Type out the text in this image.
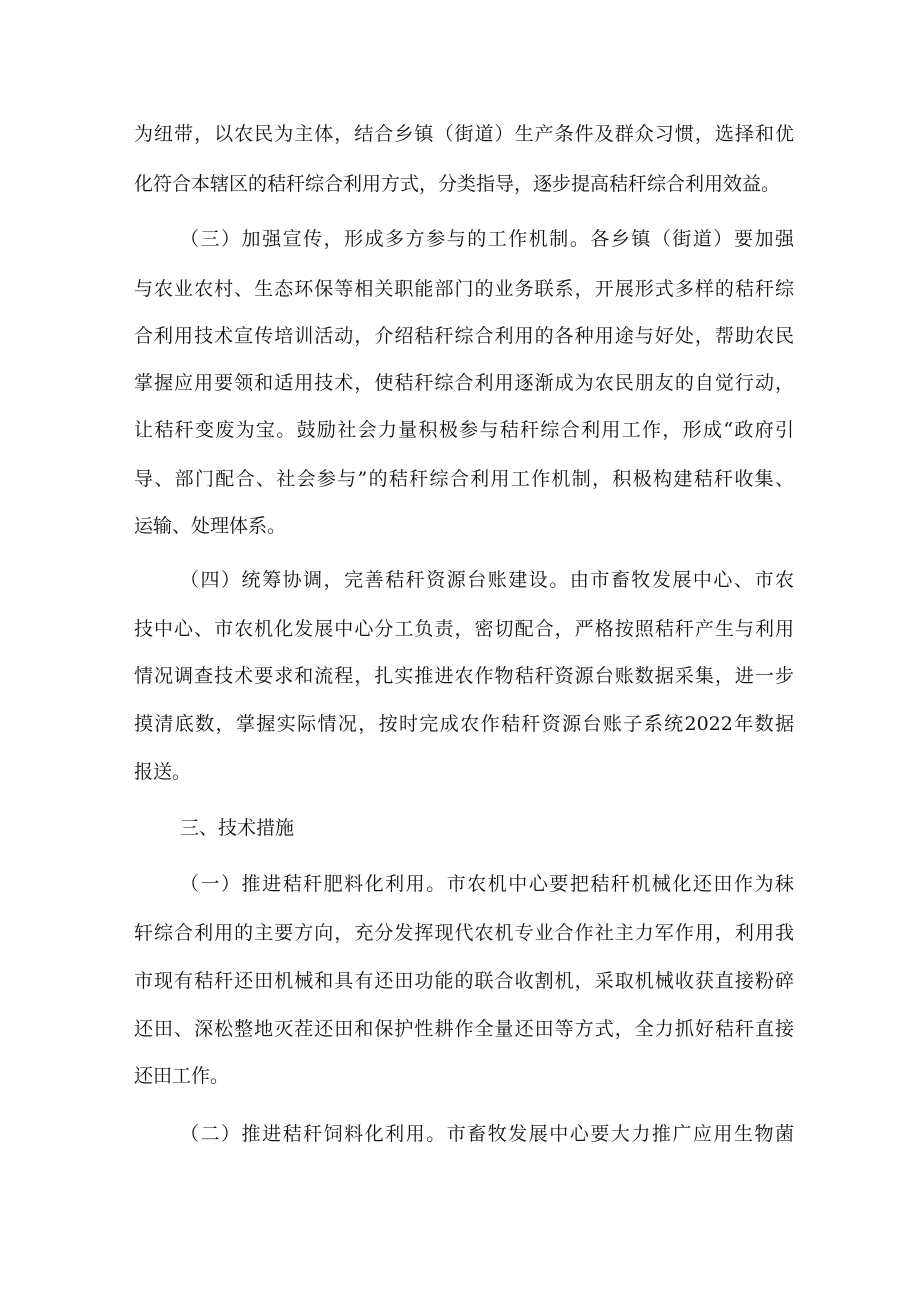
为纽带，以农民为主体，结合乡镇（街道）生产条件及群众习惯，选择和优

化符合本辖区的秸秆综合利用方式，分类指导，逐步提高秸秆综合利用效益。

（三）加强宣传，形成多方参与的工作机制。各乡镇（街道）要加强

与农业农村、生态环保等相关职能部门的业务联系，开展形式多样的秸秆综

合利用技术宣传培训活动，介绍秸秆综合利用的各种用途与好处，帮助农民

掌握应用要领和适用技术，使秸秆综合利用逐渐成为农民朋友的自觉行动，

让秸秆变废为宝。鼓励社会力量积极参与秸秆综合利用工作，形成“政府引

导、部门配合、社会参与”的秸秆综合利用工作机制，积极构建秸秆收集、

运输、处理体系。

（四）统筹协调，完善秸秆资源台账建设。由市畜牧发展中心、市农

技中心、市农机化发展中心分工负责，密切配合，严格按照秸秆产生与利用

情况调查技术要求和流程，扎实推进农作物秸秆资源台账数据采集，进一步

摸清底数，掌握实际情况，按时完成农作秸秆资源台账子系统2022年数据

报送。

三、技术措施

（一）推进秸秆肥料化利用。市农机中心要把秸秆机械化还田作为秣

轩综合利用的主要方向，充分发挥现代农机专业合作社主力军作用，利用我

市现有秸秆还田机械和具有还田功能的联合收割机，采取机械收获直接粉碎

还田、深松整地灭茬还田和保护性耕作全量还田等方式，全力抓好秸秆直接

还田工作。

（二）推进秸秆饲料化利用。市畜牧发展中心要大力推广应用生物菌
